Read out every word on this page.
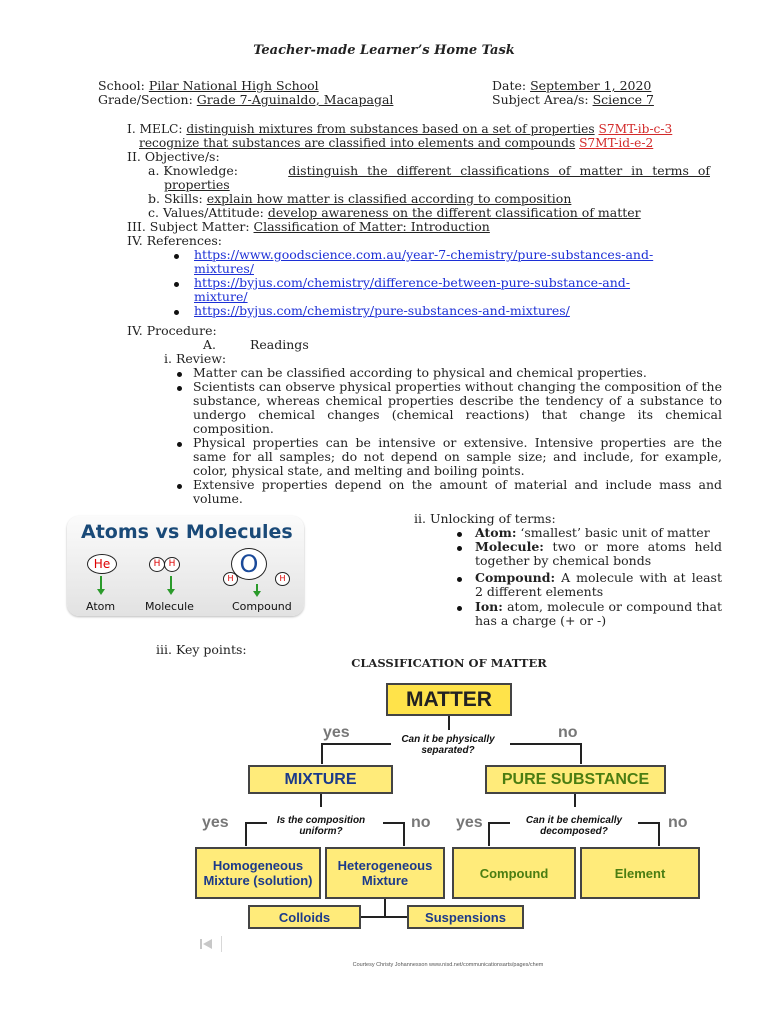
Teacher-made Learner’s Home Task
School: Pilar National High School	Date: September 1, 2020
Grade/Section: Grade 7-Aguinaldo, Macapagal	Subject Area/s: Science 7
I. MELC: distinguish mixtures from substances based on a set of properties S7MT-ib-c-3
recognize that substances are classified into elements and compounds S7MT-id-e-2
II. Objective/s:
a. Knowledge:	distinguish the different classifications of matter in terms of
properties
b. Skills: explain how matter is classified according to composition
c. Values/Attitude: develop awareness on the different classification of matter
III. Subject Matter: Classification of Matter: Introduction
IV. References:
https://www.goodscience.com.au/year-7-chemistry/pure-substances-and-
mixtures/
https://byjus.com/chemistry/difference-between-pure-substance-and-
mixture/
https://byjus.com/chemistry/pure-substances-and-mixtures/
IV. Procedure:
A.	Readings
i. Review:
Matter can be classified according to physical and chemical properties.
Scientists can observe physical properties without changing the composition of the substance, whereas chemical properties describe the tendency of a substance to undergo chemical changes (chemical reactions) that change its chemical composition.
Physical properties can be intensive or extensive. Intensive properties are the same for all samples; do not depend on sample size; and include, for example, color, physical state, and melting and boiling points.
Extensive properties depend on the amount of material and include mass and volume.
Atoms vs Molecules
He
Atom
H H
Molecule
O
H	H
Compound
ii. Unlocking of terms:
Atom: ‘smallest’ basic unit of matter
Molecule: two or more atoms held together by chemical bonds
Compound: A molecule with at least 2 different elements
Ion: atom, molecule or compound that has a charge (+ or -)
iii. Key points:
CLASSIFICATION OF MATTER
MATTER
yes	no
Can it be physically separated?
MIXTURE	PURE SUBSTANCE
yes	no
Is the composition uniform?
yes	no
Can it be chemically decomposed?
Homogeneous Mixture (solution)
Heterogeneous Mixture	Compound	Element
Colloids	Suspensions
Courtesy Christy Johannesson www.nisd.net/communicationsarts/pages/chem
